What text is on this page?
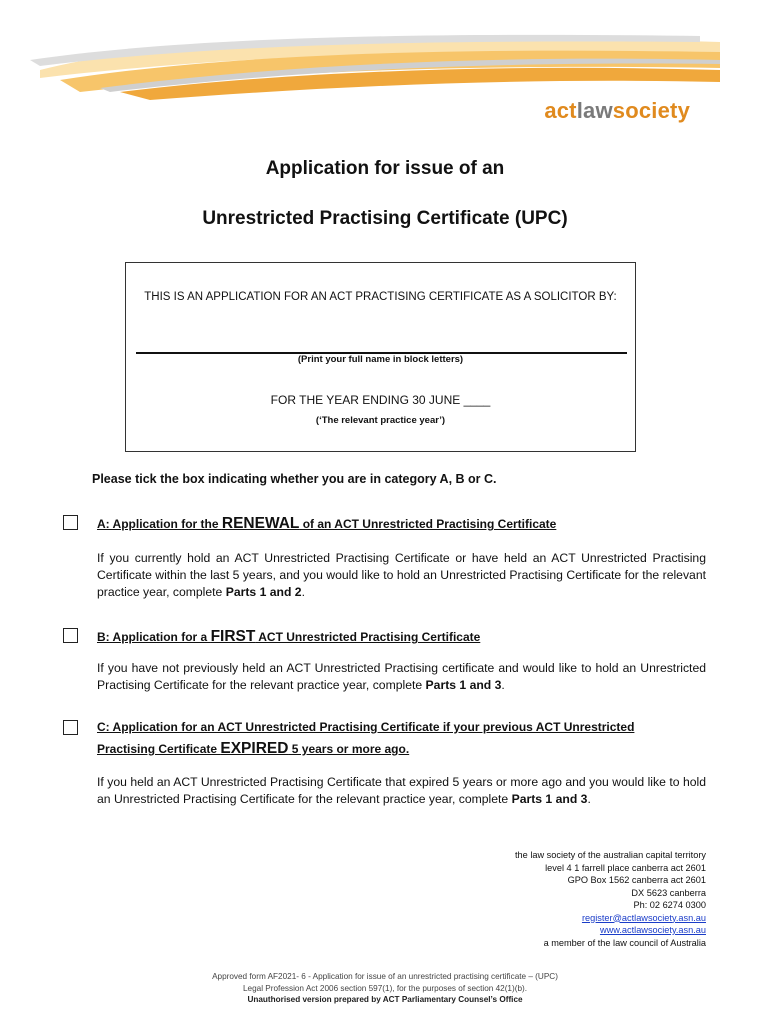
actlawsociety
Application for issue of an
Unrestricted Practising Certificate (UPC)
THIS IS AN APPLICATION FOR AN ACT PRACTISING CERTIFICATE AS A SOLICITOR BY:
(Print your full name in block letters)
FOR THE YEAR ENDING 30 JUNE ____
(‘The relevant practice year’)
Please tick the box indicating whether you are in category A, B or C.
A: Application for the RENEWAL of an ACT Unrestricted Practising Certificate
If you currently hold an ACT Unrestricted Practising Certificate or have held an ACT Unrestricted Practising Certificate within the last 5 years, and you would like to hold an Unrestricted Practising Certificate for the relevant practice year, complete Parts 1 and 2.
B: Application for a FIRST ACT Unrestricted Practising Certificate
If you have not previously held an ACT Unrestricted Practising certificate and would like to hold an Unrestricted Practising Certificate for the relevant practice year, complete Parts 1 and 3.
C: Application for an ACT Unrestricted Practising Certificate if your previous ACT Unrestricted
Practising Certificate EXPIRED 5 years or more ago.
If you held an ACT Unrestricted Practising Certificate that expired 5 years or more ago and you would like to hold an Unrestricted Practising Certificate for the relevant practice year, complete Parts 1 and 3.
the law society of the australian capital territory
level 4 1 farrell place canberra act 2601
GPO Box 1562 canberra act 2601
DX 5623 canberra
Ph: 02 6274 0300
register@actlawsociety.asn.au
www.actlawsociety.asn.au
a member of the law council of Australia
Approved form AF2021- 6 - Application for issue of an unrestricted practising certificate – (UPC)
Legal Profession Act 2006 section 597(1), for the purposes of section 42(1)(b).
Unauthorised version prepared by ACT Parliamentary Counsel’s Office
